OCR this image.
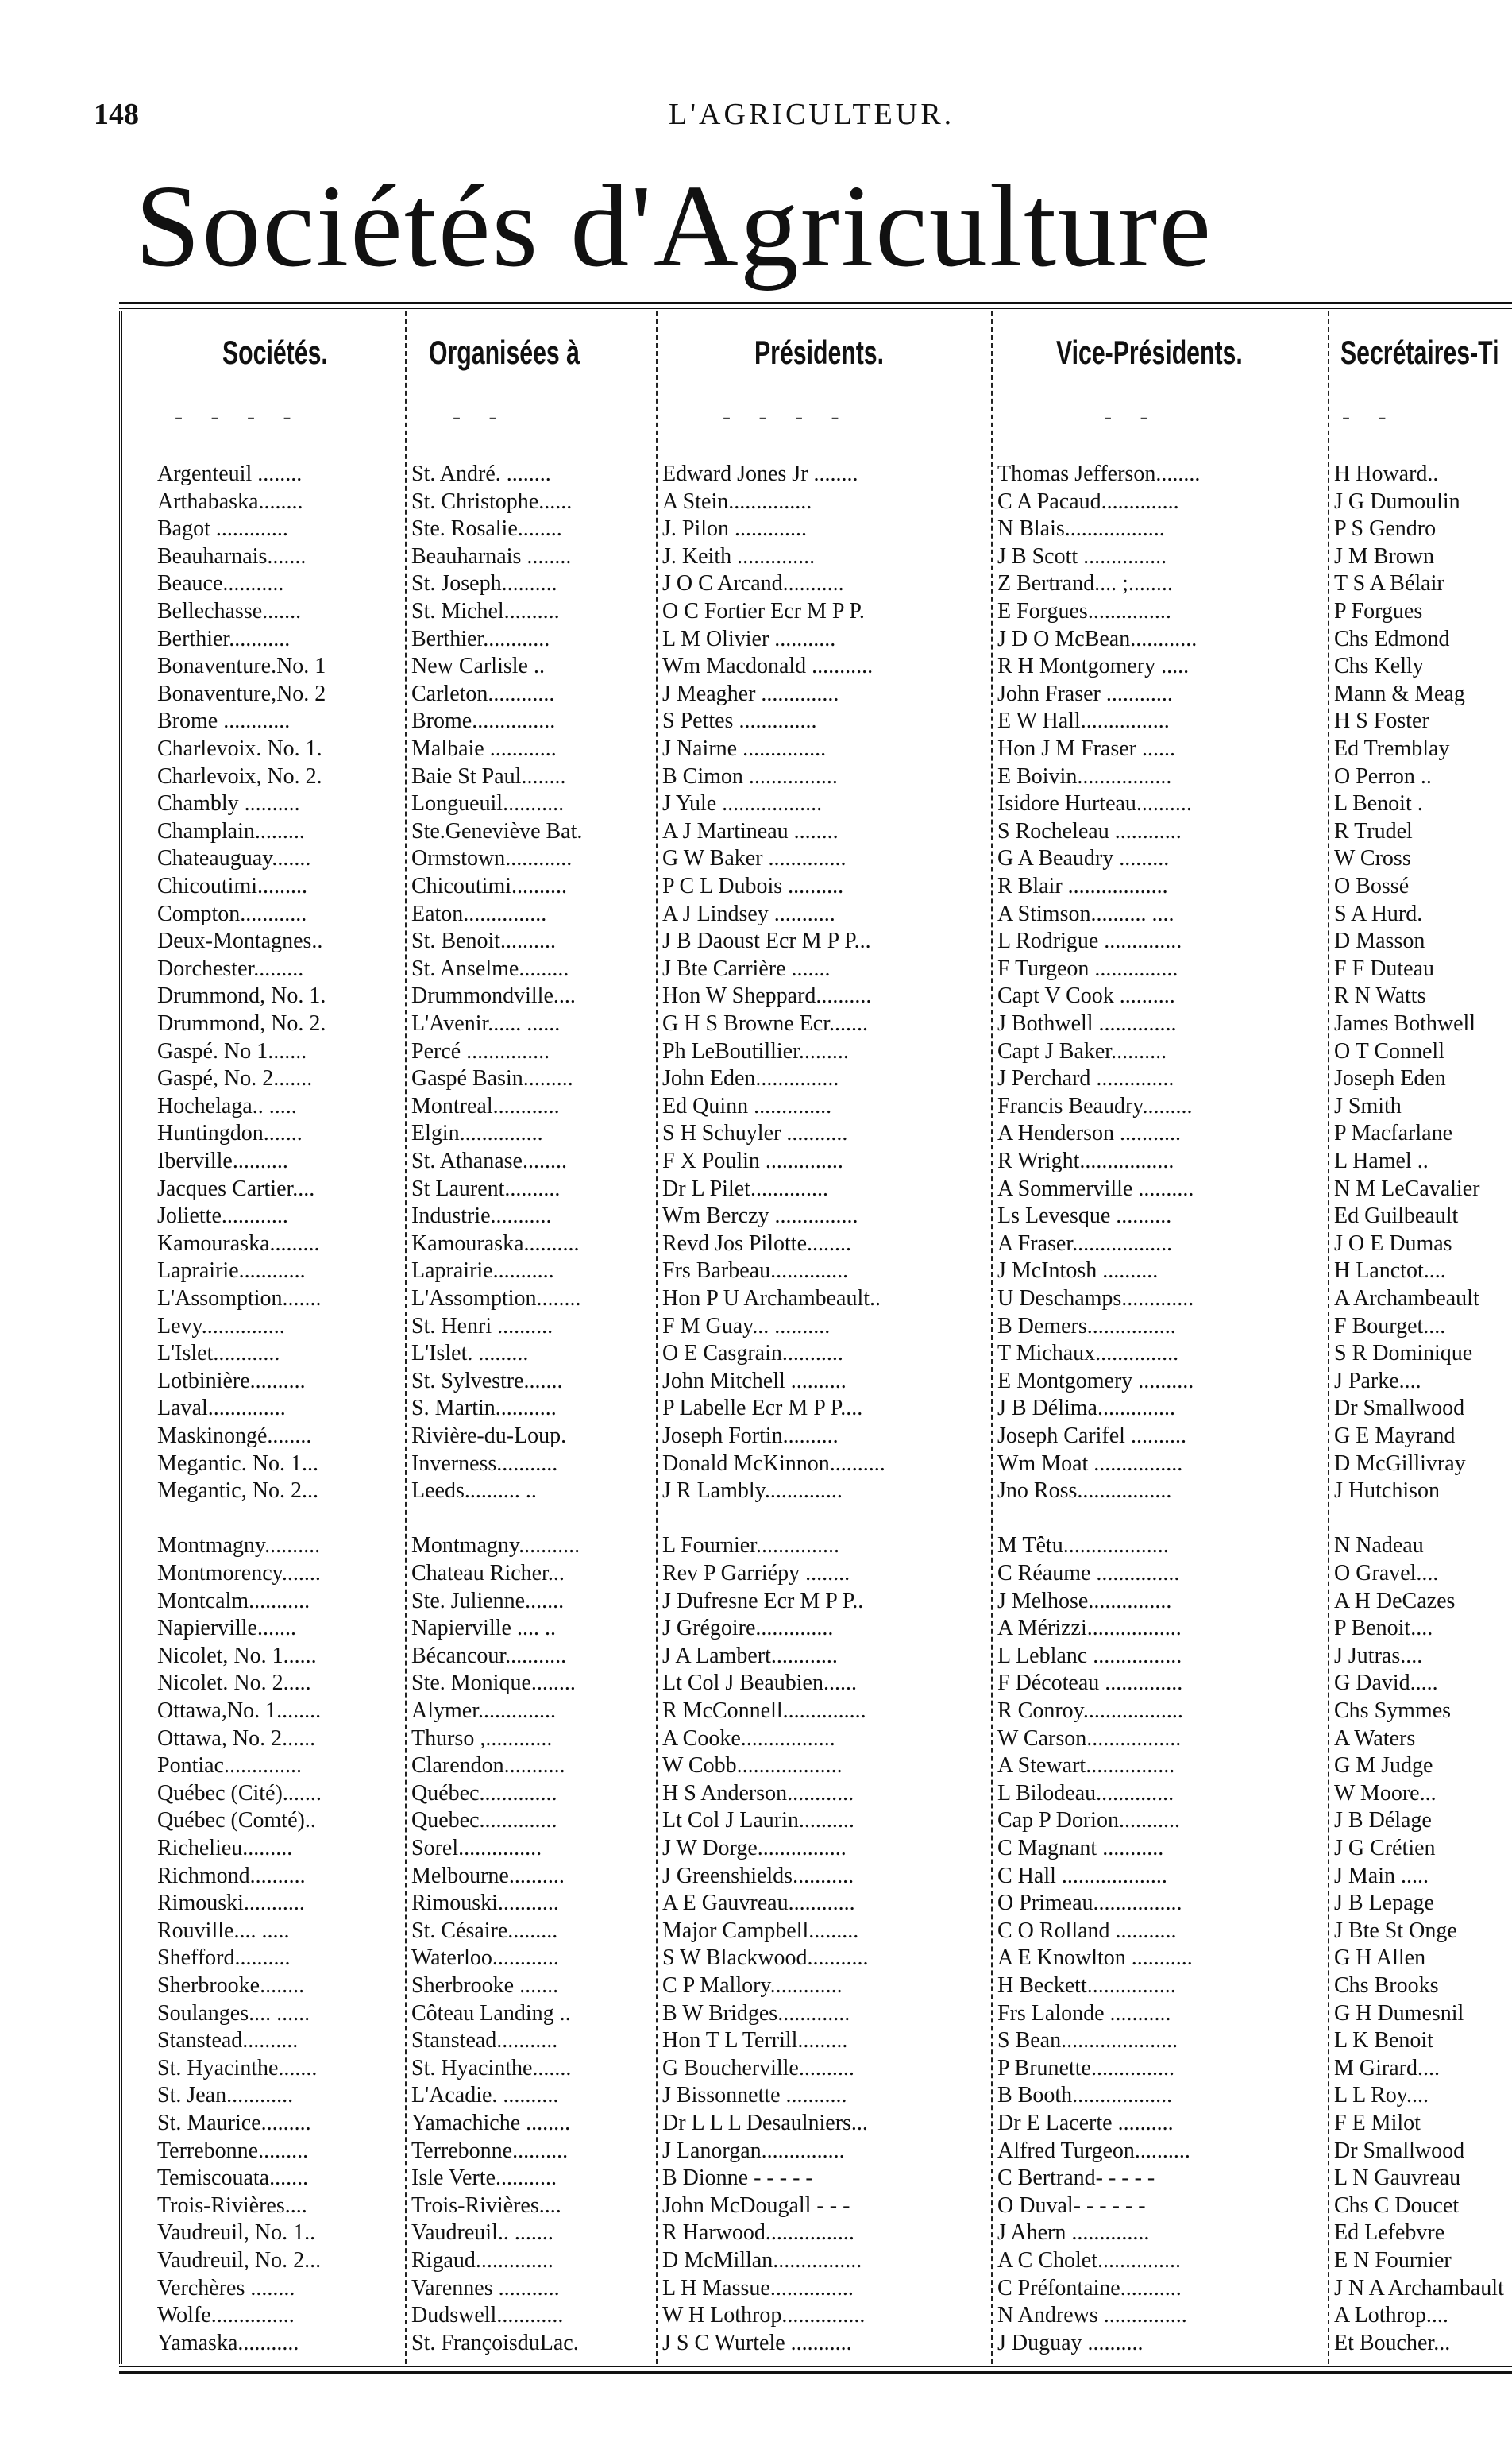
148	L'AGRICULTEUR.
Sociétés d'Agriculture
Sociétés.	Organisées à	Présidents.	Vice-Présidents.	Secrétaires-Ti
- - - -	- -	- - - -	- -	- -
Argenteuil ........	St. André. ........	Edward Jones Jr ........	Thomas Jefferson........	H Howard..
Arthabaska........	St. Christophe......	A Stein...............	C A Pacaud..............	J G Dumoulin
Bagot .............	Ste. Rosalie........	J. Pilon .............	N Blais..................	P S Gendro
Beauharnais.......	Beauharnais ........	J. Keith ..............	J B Scott ...............	J M Brown
Beauce...........	St. Joseph..........	J O C Arcand...........	Z Bertrand.... ;........	T S A Bélair
Bellechasse.......	St. Michel..........	O C Fortier Ecr M P P.	E Forgues...............	P Forgues
Berthier...........	Berthier............	L M Olivier ...........	J D O McBean............	Chs Edmond
Bonaventure.No. 1	New Carlisle ..	Wm Macdonald ...........	R H Montgomery .....	Chs Kelly
Bonaventure,No. 2	Carleton............	J Meagher ..............	John Fraser ............	Mann & Meag
Brome ............	Brome...............	S Pettes ..............	E W Hall................	H S Foster
Charlevoix. No. 1.	Malbaie ............	J Nairne ...............	Hon J M Fraser ......	Ed Tremblay
Charlevoix, No. 2.	Baie St Paul........	B Cimon ................	E Boivin.................	O Perron ..
Chambly ..........	Longueuil...........	J Yule ..................	Isidore Hurteau..........	L Benoit .
Champlain.........	Ste.Geneviève Bat.	A J Martineau ........	S Rocheleau ............	R Trudel
Chateauguay.......	Ormstown............	G W Baker ..............	G A Beaudry .........	W Cross
Chicoutimi.........	Chicoutimi..........	P C L Dubois ..........	R Blair ..................	O Bossé
Compton............	Eaton...............	A J Lindsey ...........	A Stimson.......... ....	S A Hurd.
Deux-Montagnes..	St. Benoit..........	J B Daoust Ecr M P P...	L Rodrigue ..............	D Masson
Dorchester.........	St. Anselme.........	J Bte Carrière .......	F Turgeon ...............	F F Duteau
Drummond, No. 1.	Drummondville....	Hon W Sheppard..........	Capt V Cook ..........	R N Watts
Drummond, No. 2.	L'Avenir...... ......	G H S Browne Ecr.......	J Bothwell ..............	James Bothwell
Gaspé. No 1.......	Percé ...............	Ph LeBoutillier.........	Capt J Baker..........	O T Connell
Gaspé, No. 2.......	Gaspé Basin.........	John Eden...............	J Perchard ..............	Joseph Eden
Hochelaga.. .....	Montreal............	Ed Quinn ..............	Francis Beaudry.........	J Smith
Huntingdon.......	Elgin...............	S H Schuyler ...........	A Henderson ...........	P Macfarlane
Iberville..........	St. Athanase........	F X Poulin ..............	R Wright.................	L Hamel ..
Jacques Cartier....	St Laurent..........	Dr L Pilet..............	A Sommerville ..........	N M LeCavalier
Joliette............	Industrie...........	Wm Berczy ...............	Ls Levesque ..........	Ed Guilbeault
Kamouraska.........	Kamouraska..........	Revd Jos Pilotte........	A Fraser..................	J O E Dumas
Laprairie............	Laprairie...........	Frs Barbeau..............	J McIntosh ..........	H Lanctot....
L'Assomption.......	L'Assomption........	Hon P U Archambeault..	U Deschamps.............	A Archambeault
Levy...............	St. Henri ..........	F M Guay... ..........	B Demers................	F Bourget....
L'Islet............	L'Islet. .........	O E Casgrain...........	T Michaux...............	S R Dominique
Lotbinière..........	St. Sylvestre.......	John Mitchell ..........	E Montgomery ..........	J Parke....
Laval..............	S. Martin...........	P Labelle Ecr M P P....	J B Délima..............	Dr Smallwood
Maskinongé........	Rivière-du-Loup.	Joseph Fortin..........	Joseph Carifel ..........	G E Mayrand
Megantic. No. 1...	Inverness...........	Donald McKinnon..........	Wm Moat ................	D McGillivray
Megantic, No. 2...	Leeds.......... ..	J R Lambly..............	Jno Ross.................	J Hutchison
Montmagny..........	Montmagny...........	L Fournier...............	M Têtu...................	N Nadeau
Montmorency.......	Chateau Richer...	Rev P Garriépy ........	C Réaume ...............	O Gravel....
Montcalm...........	Ste. Julienne.......	J Dufresne Ecr M P P..	J Melhose...............	A H DeCazes
Napierville.......	Napierville .... ..	J Grégoire..............	A Mérizzi.................	P Benoit....
Nicolet, No. 1......	Bécancour...........	J A Lambert............	L Leblanc ................	J Jutras....
Nicolet. No. 2.....	Ste. Monique........	Lt Col J Beaubien......	F Décoteau ..............	G David.....
Ottawa,No. 1........	Alymer..............	R McConnell...............	R Conroy..................	Chs Symmes
Ottawa, No. 2......	Thurso ,............	A Cooke.................	W Carson.................	A Waters
Pontiac..............	Clarendon...........	W Cobb...................	A Stewart................	G M Judge
Québec (Cité).......	Québec..............	H S Anderson............	L Bilodeau..............	W Moore...
Québec (Comté)..	Quebec..............	Lt Col J Laurin..........	Cap P Dorion...........	J B Délage
Richelieu.........	Sorel...............	J W Dorge................	C Magnant ...........	J G Crétien
Richmond..........	Melbourne..........	J Greenshields...........	C Hall ...................	J Main .....
Rimouski...........	Rimouski...........	A E Gauvreau............	O Primeau................	J B Lepage
Rouville.... .....	St. Césaire.........	Major Campbell.........	C O Rolland ...........	J Bte St Onge
Shefford..........	Waterloo............	S W Blackwood...........	A E Knowlton ...........	G H Allen
Sherbrooke........	Sherbrooke .......	C P Mallory.............	H Beckett................	Chs Brooks
Soulanges.... ......	Côteau Landing ..	B W Bridges.............	Frs Lalonde ...........	G H Dumesnil
Stanstead..........	Stanstead...........	Hon T L Terrill.........	S Bean.....................	L K Benoit
St. Hyacinthe.......	St. Hyacinthe.......	G Boucherville..........	P Brunette...............	M Girard....
St. Jean............	L'Acadie. ..........	J Bissonnette ...........	B Booth..................	L L Roy....
St. Maurice.........	Yamachiche ........	Dr L L L Desaulniers...	Dr E Lacerte ..........	F E Milot
Terrebonne.........	Terrebonne..........	J Lanorgan...............	Alfred Turgeon..........	Dr Smallwood
Temiscouata.......	Isle Verte...........	B Dionne - - - - -	C Bertrand- - - - -	L N Gauvreau
Trois-Rivières....	Trois-Rivières....	John McDougall - - -	O Duval- - - - - -	Chs C Doucet
Vaudreuil, No. 1..	Vaudreuil.. .......	R Harwood................	J Ahern ..............	Ed Lefebvre
Vaudreuil, No. 2...	Rigaud..............	D McMillan................	A C Cholet...............	E N Fournier
Verchères ........	Varennes ...........	L H Massue...............	C Préfontaine...........	J N A Archambault
Wolfe...............	Dudswell............	W H Lothrop...............	N Andrews ...............	A Lothrop....
Yamaska...........	St. FrançoisduLac.	J S C Wurtele ...........	J Duguay ..........	Et Boucher...
